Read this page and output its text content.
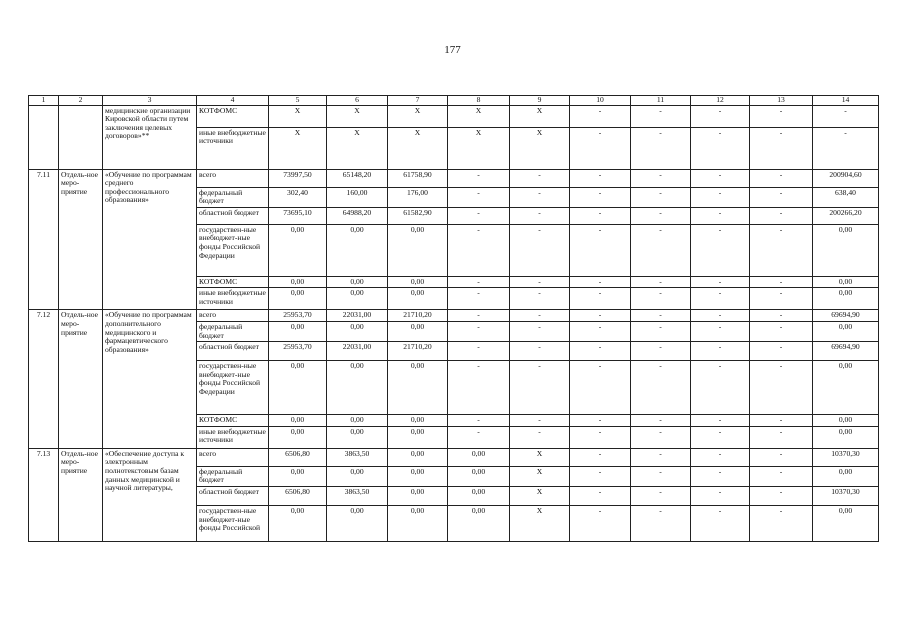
177
1	2	3	4	5	6	7	8	9	10	11	12	13	14
		медицинские организации Кировской области путем заключения целевых договоров»**	КОТФОМС	X	X	X	X	X	-	-	-	-	-
			иные внебюджетные источники	X	X	X	X	X	-	-	-	-	-
7.11	Отдель-ное меро-приятие	«Обучение по программам среднего профессионального образования»	всего	73997,50	65148,20	61758,90	-	-	-	-	-	-	200904,60
			федеральный бюджет	302,40	160,00	176,00	-	-	-	-	-	-	638,40
			областной бюджет	73695,10	64988,20	61582,90	-	-	-	-	-	-	200266,20
			государствен-ные внебюджет-ные фонды Российской Федерации	0,00	0,00	0,00	-	-	-	-	-	-	0,00
			КОТФОМС	0,00	0,00	0,00	-	-	-	-	-	-	0,00
			иные внебюджетные источники	0,00	0,00	0,00	-	-	-	-	-	-	0,00
7.12	Отдель-ное меро-приятие	«Обучение по программам дополнительного медицинского и фармацевтического образования»	всего	25953,70	22031,00	21710,20	-	-	-	-	-	-	69694,90
			федеральный бюджет	0,00	0,00	0,00	-	-	-	-	-	-	0,00
			областной бюджет	25953,70	22031,00	21710,20	-	-	-	-	-	-	69694,90
			государствен-ные внебюджет-ные фонды Российской Федерации	0,00	0,00	0,00	-	-	-	-	-	-	0,00
			КОТФОМС	0,00	0,00	0,00	-	-	-	-	-	-	0,00
			иные внебюджетные источники	0,00	0,00	0,00	-	-	-	-	-	-	0,00
7.13	Отдель-ное меро-приятие	«Обеспечение доступа к электронным полнотекстовым базам данных медицинской и научной литературы,	всего	6506,80	3863,50	0,00	0,00	X	-	-	-	-	10370,30
			федеральный бюджет	0,00	0,00	0,00	0,00	X	-	-	-	-	0,00
			областной бюджет	6506,80	3863,50	0,00	0,00	X	-	-	-	-	10370,30
			государствен-ные внебюджет-ные фонды Российской	0,00	0,00	0,00	0,00	X	-	-	-	-	0,00
